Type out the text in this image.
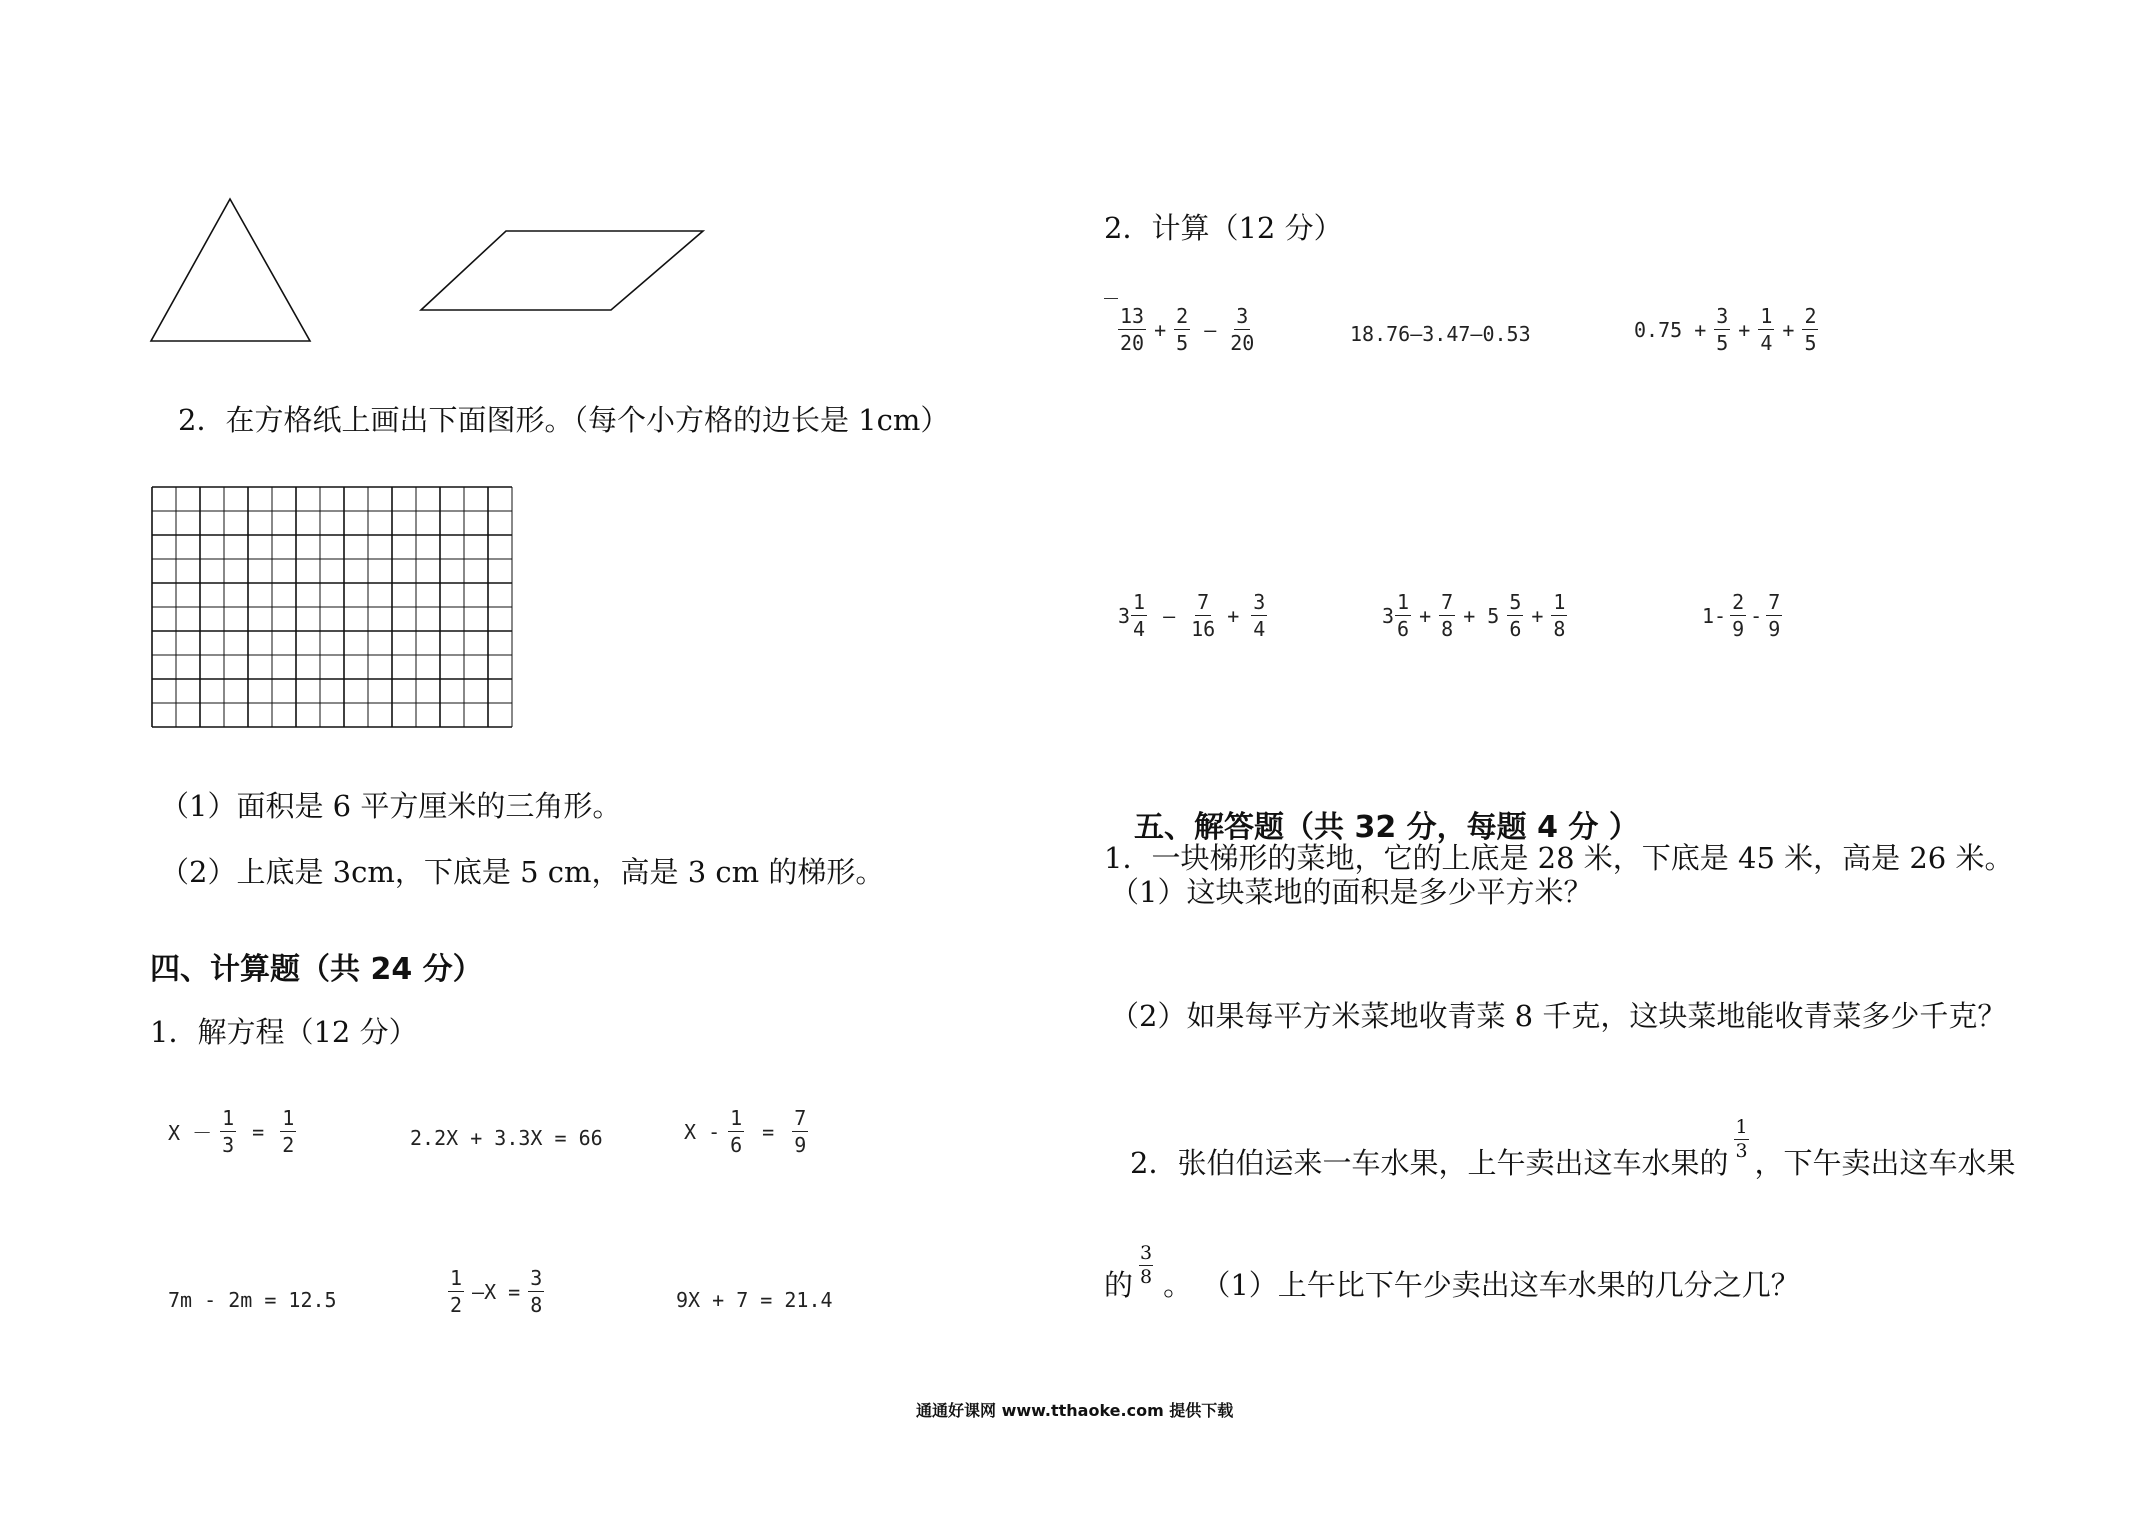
2．在方格纸上画出下面图形。（每个小方格的边长是 1cm）
（1）面积是 6 平方厘米的三角形。
（2）上底是 3cm，下底是 5 cm，高是 3 cm 的梯形。
四、计算题（共 24 分）
1．解方程（12 分）
$X - \frac{1}{3} = \frac{1}{2}$	2.2X + 3.3X = 66	$X - \frac{1}{6} = \frac{7}{9}$
7m - 2m = 12.5	$\frac{1}{2}$ —X = $\frac{3}{8}$	9X + 7 = 21.4
2．计算（12 分）
$\frac{13}{20} + \frac{2}{5}$ — $\frac{3}{20}$	18.76—3.47—0.53	$0.75 + \frac{3}{5} + \frac{1}{4} + \frac{2}{5}$
$3 \frac{1}{4}$ — $\frac{7}{16} + \frac{3}{4}$	$3 \frac{1}{6} + \frac{7}{8} + 5 \frac{5}{6} + \frac{1}{8}$	$1- \frac{2}{9} - \frac{7}{9}$
五、解答题（共 32 分，每题 4 分 ）
1．一块梯形的菜地，它的上底是 28 米，下底是 45 米，高是 26 米。
（1）这块菜地的面积是多少平方米？
（2）如果每平方米菜地收青菜 8 千克，这块菜地能收青菜多少千克？
2．张伯伯运来一车水果，上午卖出这车水果的
1
3 ，下午卖出这车水果
的
3
8 。 （1）上午比下午少卖出这车水果的几分之几？
通通好课网 www.tthaoke.com 提供下载
